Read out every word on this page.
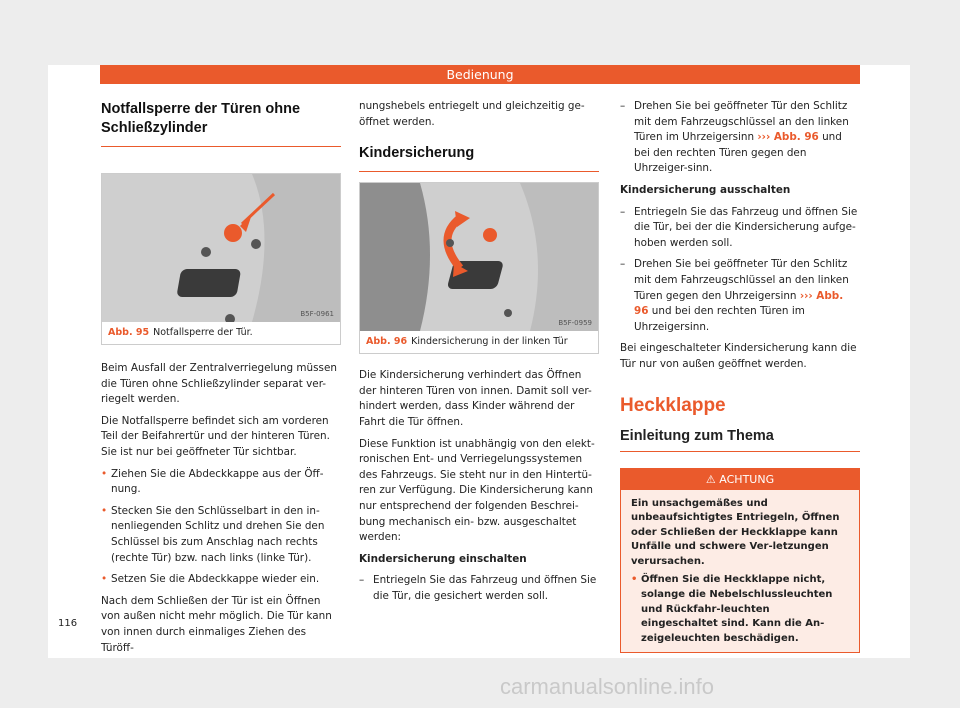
Bedienung
Notfallsperre der Türen ohne Schließzylinder
B5F-0961
Abb. 95 Notfallsperre der Tür.

Beim Ausfall der Zentralverriegelung müssen die Türen ohne Schließzylinder separat ver-riegelt werden.

Die Notfallsperre befindet sich am vorderen Teil der Beifahrertür und der hinteren Türen. Sie ist nur bei geöffneter Tür sichtbar.

• Ziehen Sie die Abdeckkappe aus der Öff-nung.
• Stecken Sie den Schlüsselbart in den in-nenliegenden Schlitz und drehen Sie den Schlüssel bis zum Anschlag nach rechts (rechte Tür) bzw. nach links (linke Tür).
• Setzen Sie die Abdeckkappe wieder ein.

Nach dem Schließen der Tür ist ein Öffnen von außen nicht mehr möglich. Die Tür kann von innen durch einmaliges Ziehen des Türöff-

nungshebels entriegelt und gleichzeitig ge-öffnet werden.

Kindersicherung
B5F-0959
Abb. 96 Kindersicherung in der linken Tür

Die Kindersicherung verhindert das Öffnen der hinteren Türen von innen. Damit soll ver-hindert werden, dass Kinder während der Fahrt die Tür öffnen.

Diese Funktion ist unabhängig von den elekt-ronischen Ent- und Verriegelungssystemen des Fahrzeugs. Sie steht nur in den Hintertü-ren zur Verfügung. Die Kindersicherung kann nur entsprechend der folgenden Beschrei-bung mechanisch ein- bzw. ausgeschaltet werden:

Kindersicherung einschalten

– Entriegeln Sie das Fahrzeug und öffnen Sie die Tür, die gesichert werden soll.
– Drehen Sie bei geöffneter Tür den Schlitz mit dem Fahrzeugschlüssel an den linken Türen im Uhrzeigersinn ››› Abb. 96 und bei den rechten Türen gegen den Uhrzeiger-sinn.

Kindersicherung ausschalten

– Entriegeln Sie das Fahrzeug und öffnen Sie die Tür, bei der die Kindersicherung aufge-hoben werden soll.
– Drehen Sie bei geöffneter Tür den Schlitz mit dem Fahrzeugschlüssel an den linken Türen gegen den Uhrzeigersinn ››› Abb. 96 und bei den rechten Türen im Uhrzeigersinn.

Bei eingeschalteter Kindersicherung kann die Tür nur von außen geöffnet werden.

Heckklappe
Einleitung zum Thema
⚠ ACHTUNG
Ein unsachgemäßes und unbeaufsichtigtes Entriegeln, Öffnen oder Schließen der Heckklappe kann Unfälle und schwere Ver-letzungen verursachen.
• Öffnen Sie die Heckklappe nicht, solange die Nebelschlussleuchten und Rückfahr-leuchten eingeschaltet sind. Kann die An-zeigeleuchten beschädigen.
116
carmanualsonline.info
